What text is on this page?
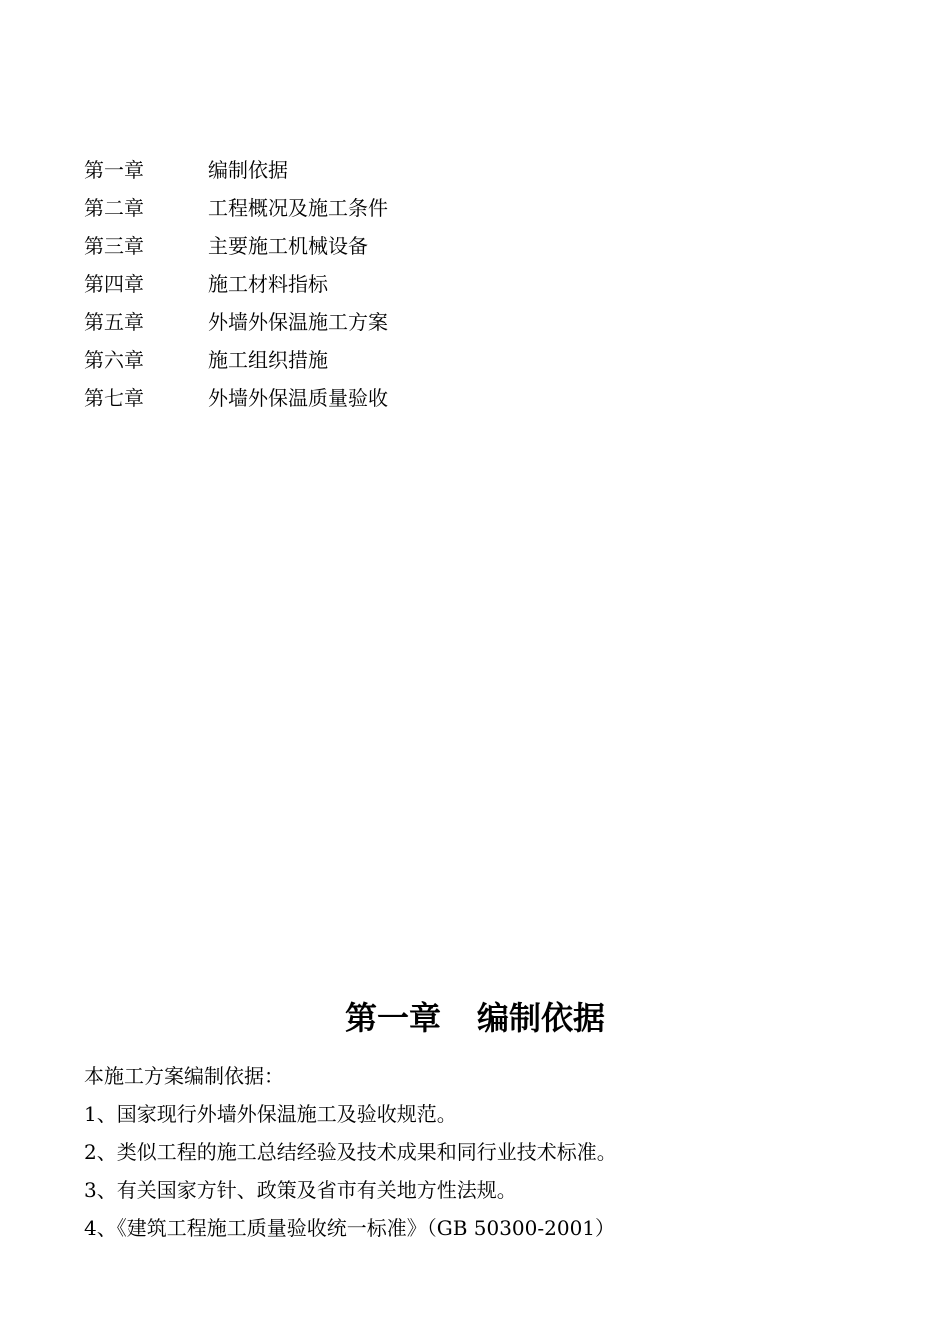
第一章	编制依据
第二章	工程概况及施工条件
第三章	主要施工机械设备
第四章	施工材料指标
第五章	外墙外保温施工方案
第六章	施工组织措施
第七章	外墙外保温质量验收
第一章 编制依据
本施工方案编制依据：
1、国家现行外墙外保温施工及验收规范。
2、类似工程的施工总结经验及技术成果和同行业技术标准。
3、有关国家方针、政策及省市有关地方性法规。
4、《建筑工程施工质量验收统一标准》（GB 50300-2001）
